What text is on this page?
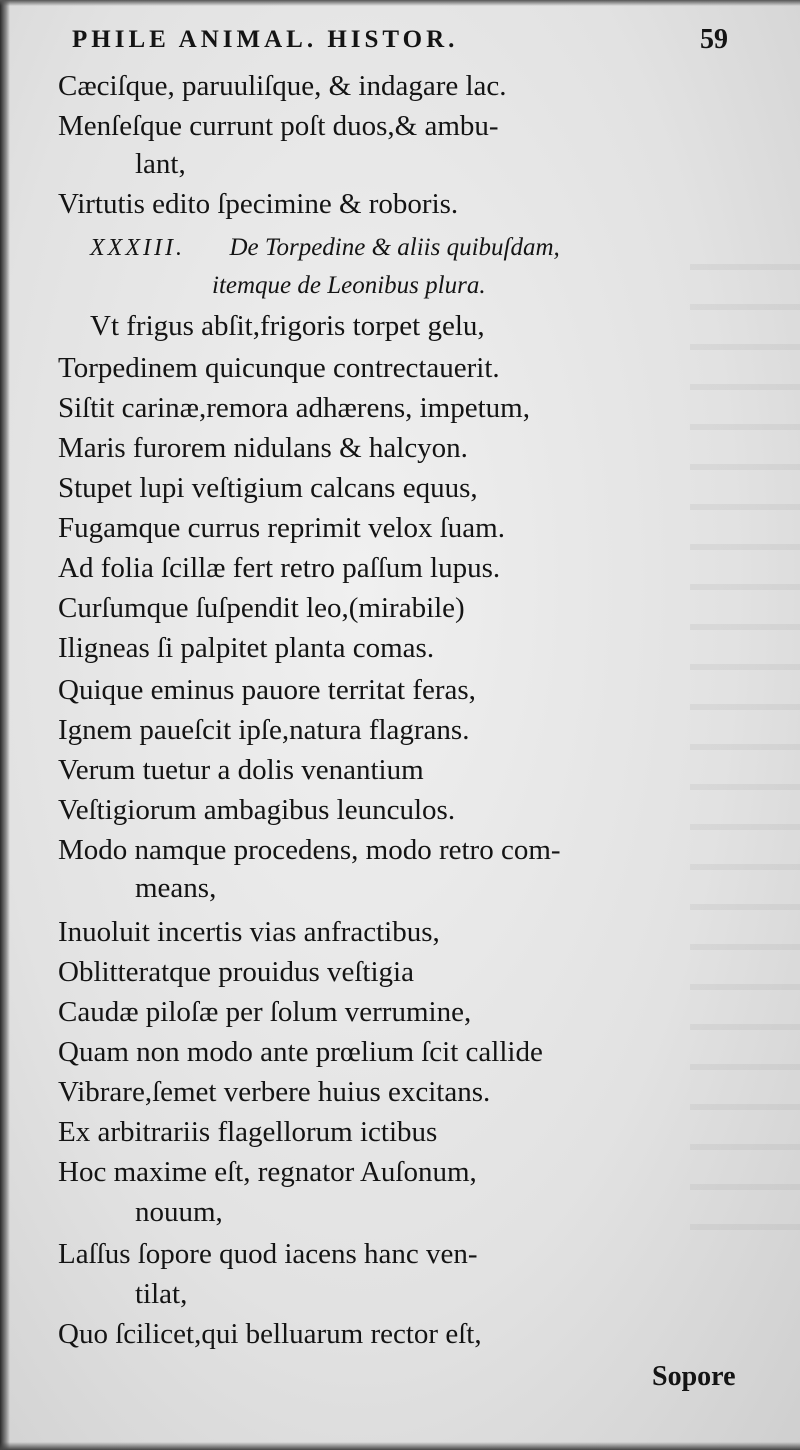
PHILE ANIMAL. HISTOR.	59
Cæciſque, paruuliſque, & indagare lac.
Menſeſque currunt poſt duos,& ambu-
lant,
Virtutis edito ſpecimine & roboris.
XXXIII. De Torpedine & aliis quibuſdam,
itemque de Leonibus plura.
Vt frigus abſit,frigoris torpet gelu,
Torpedinem quicunque contrectauerit.
Siſtit carinæ,remora adhærens, impetum,
Maris furorem nidulans & halcyon.
Stupet lupi veſtigium calcans equus,
Fugamque currus reprimit velox ſuam.
Ad folia ſcillæ fert retro paſſum lupus.
Curſumque ſuſpendit leo,(mirabile)
Iligneas ſi palpitet planta comas.
Quique eminus pauore territat feras,
Ignem paueſcit ipſe,natura flagrans.
Verum tuetur a dolis venantium
Veſtigiorum ambagibus leunculos.
Modo namque procedens, modo retro com-
means,
Inuoluit incertis vias anfractibus,
Oblitteratque prouidus veſtigia
Caudæ piloſæ per ſolum verrumine,
Quam non modo ante prœlium ſcit callide
Vibrare,ſemet verbere huius excitans.
Ex arbitrariis flagellorum ictibus
Hoc maxime eſt, regnator Auſonum,
nouum,
Laſſus ſopore quod iacens hanc ven-
tilat,
Quo ſcilicet,qui belluarum rector eſt,
Sopore
